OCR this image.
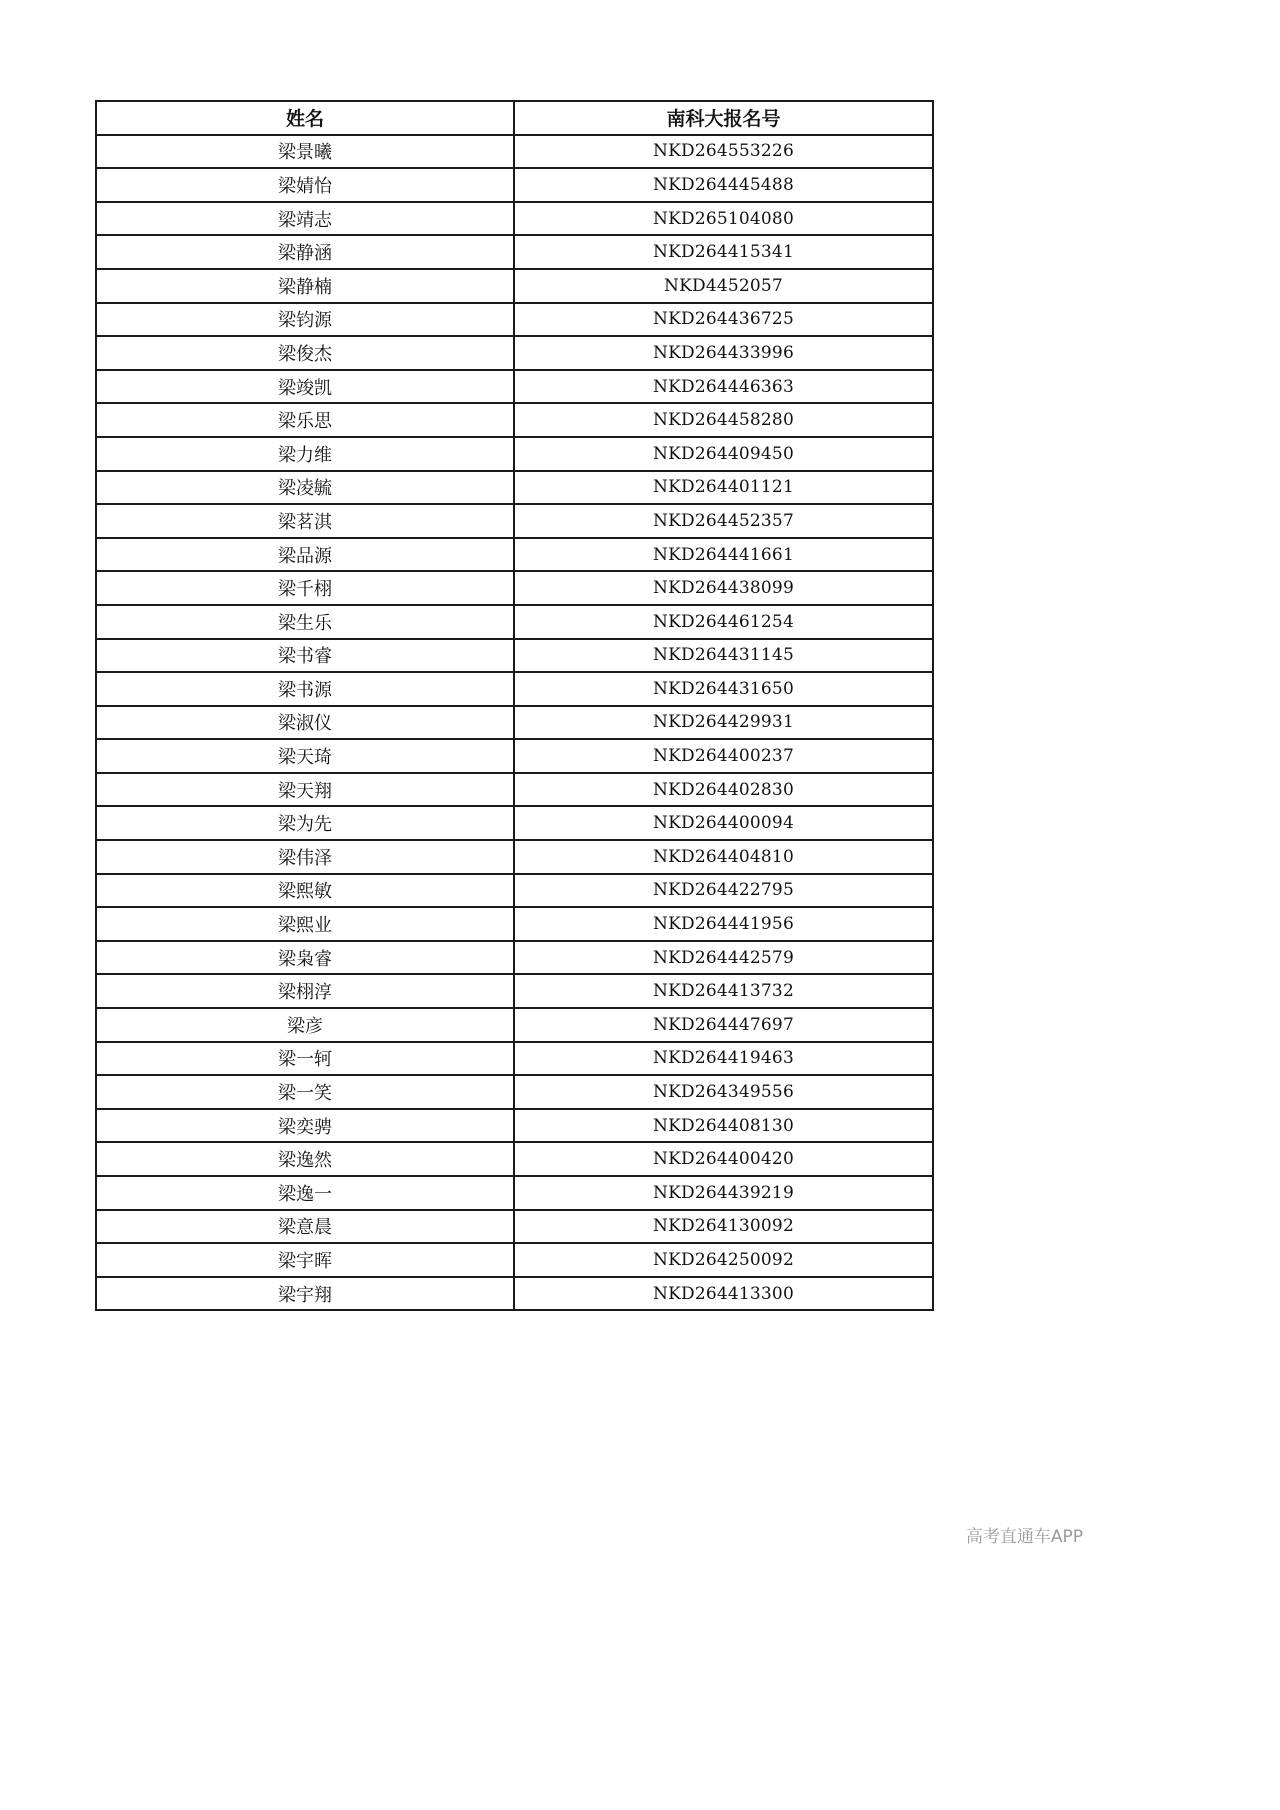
姓名	南科大报名号
梁景曦	NKD264553226
梁婧怡	NKD264445488
梁靖志	NKD265104080
梁静涵	NKD264415341
梁静楠	NKD4452057
梁钧源	NKD264436725
梁俊杰	NKD264433996
梁竣凯	NKD264446363
梁乐思	NKD264458280
梁力维	NKD264409450
梁凌毓	NKD264401121
梁茗淇	NKD264452357
梁品源	NKD264441661
梁千栩	NKD264438099
梁生乐	NKD264461254
梁书睿	NKD264431145
梁书源	NKD264431650
梁淑仪	NKD264429931
梁天琦	NKD264400237
梁天翔	NKD264402830
梁为先	NKD264400094
梁伟泽	NKD264404810
梁熙敏	NKD264422795
梁熙业	NKD264441956
梁枭睿	NKD264442579
梁栩淳	NKD264413732
梁彦	NKD264447697
梁一轲	NKD264419463
梁一笑	NKD264349556
梁奕骋	NKD264408130
梁逸然	NKD264400420
梁逸一	NKD264439219
梁意晨	NKD264130092
梁宇晖	NKD264250092
梁宇翔	NKD264413300
高考直通车APP
